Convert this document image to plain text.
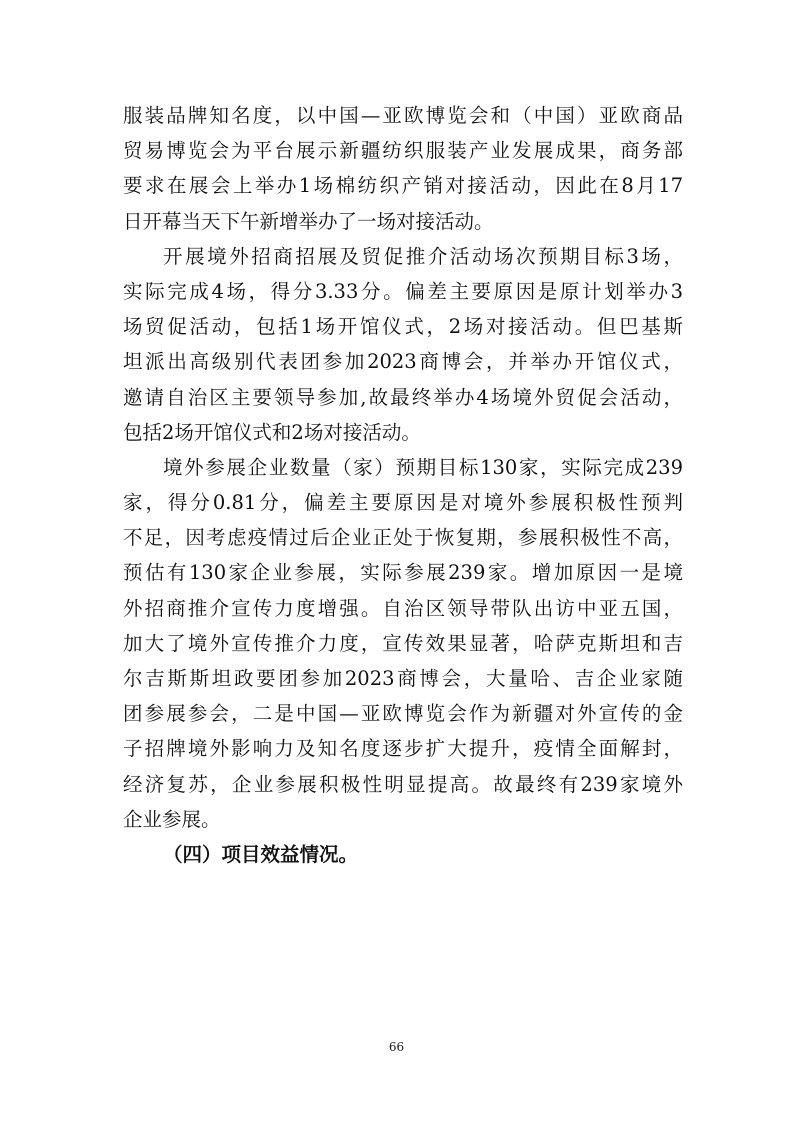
服装品牌知名度，以中国—亚欧博览会和（中国）亚欧商品
贸易博览会为平台展示新疆纺织服装产业发展成果，商务部
要求在展会上举办1场棉纺织产销对接活动，因此在8月17
日开幕当天下午新增举办了一场对接活动。
开展境外招商招展及贸促推介活动场次预期目标3场，
实际完成4场，得分3.33分。偏差主要原因是原计划举办3
场贸促活动，包括1场开馆仪式，2场对接活动。但巴基斯
坦派出高级别代表团参加2023商博会，并举办开馆仪式，
邀请自治区主要领导参加,故最终举办4场境外贸促会活动，
包括2场开馆仪式和2场对接活动。
境外参展企业数量（家）预期目标130家，实际完成239
家，得分0.81分，偏差主要原因是对境外参展积极性预判
不足，因考虑疫情过后企业正处于恢复期，参展积极性不高，
预估有130家企业参展，实际参展239家。增加原因一是境
外招商推介宣传力度增强。自治区领导带队出访中亚五国，
加大了境外宣传推介力度，宣传效果显著，哈萨克斯坦和吉
尔吉斯斯坦政要团参加2023商博会，大量哈、吉企业家随
团参展参会，二是中国—亚欧博览会作为新疆对外宣传的金
子招牌境外影响力及知名度逐步扩大提升，疫情全面解封，
经济复苏，企业参展积极性明显提高。故最终有239家境外
企业参展。
（四）项目效益情况。
66
